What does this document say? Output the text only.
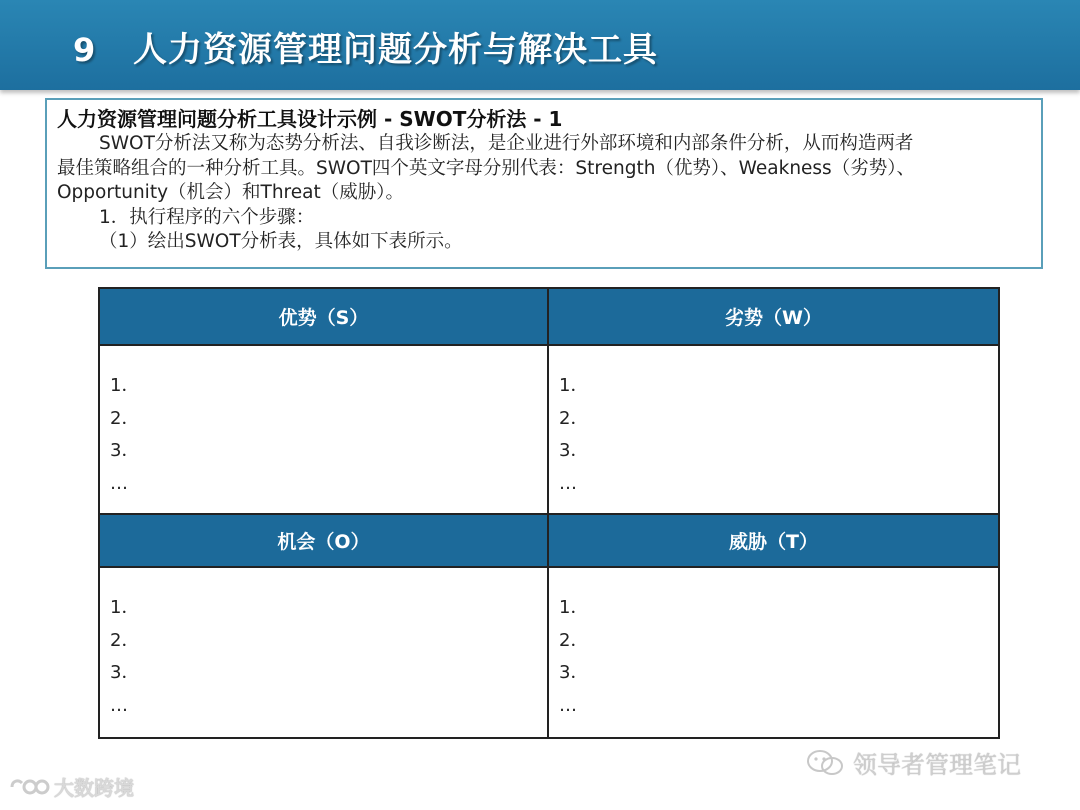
9 人力资源管理问题分析与解决工具
人力资源管理问题分析工具设计示例 - SWOT分析法 - 1
SWOT分析法又称为态势分析法、自我诊断法，是企业进行外部环境和内部条件分析，从而构造两者
最佳策略组合的一种分析工具。SWOT四个英文字母分别代表：Strength（优势）、Weakness（劣势）、
Opportunity（机会）和Threat（威胁）。
1．执行程序的六个步骤：
（1）绘出SWOT分析表，具体如下表所示。
优势（S）	劣势（W）
1．
2．
3．
…
1．
2．
3．
…
机会（O）	威胁（T）
1．
2．
3．
…
1．
2．
3．
…
大数跨境
领导者管理笔记
